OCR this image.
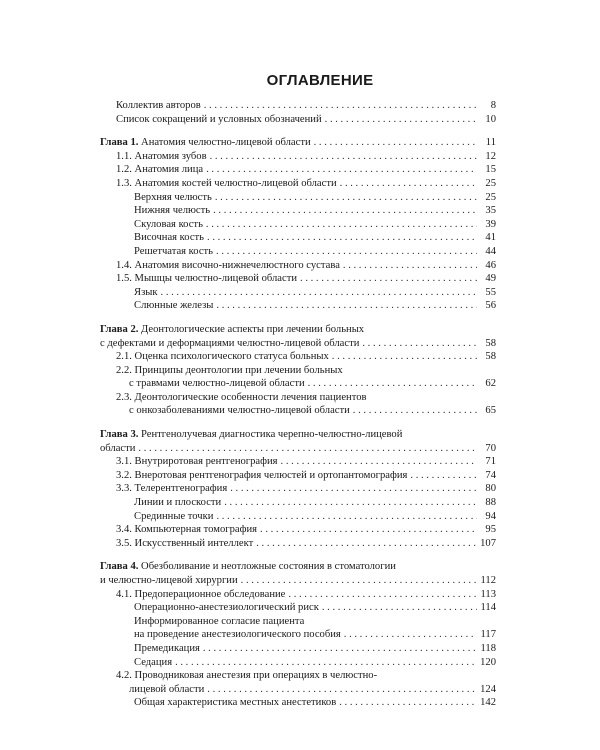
ОГЛАВЛЕНИЕ
Коллектив авторов . . .	8
Список сокращений и условных обозначений . . .	10
Глава 1. Анатомия челюстно-лицевой области . . .	11
1.1. Анатомия зубов . . .	12
1.2. Анатомия лица . . .	15
1.3. Анатомия костей челюстно-лицевой области . . .	25
Верхняя челюсть . . .	25
Нижняя челюсть . . .	35
Скуловая кость . . .	39
Височная кость . . .	41
Решетчатая кость . . .	44
1.4. Анатомия височно-нижнечелюстного сустава . . .	46
1.5. Мышцы челюстно-лицевой области . . .	49
Язык . . .	55
Слюнные железы . . .	56
Глава 2. Деонтологические аспекты при лечении больных
с дефектами и деформациями челюстно-лицевой области . . .	58
2.1. Оценка психологического статуса больных . . .	58
2.2. Принципы деонтологии при лечении больных
с травмами челюстно-лицевой области . . .	62
2.3. Деонтологические особенности лечения пациентов
с онкозаболеваниями челюстно-лицевой области . . .	65
Глава 3. Рентгенолучевая диагностика черепно-челюстно-лицевой
области . . .	70
3.1. Внутриротовая рентгенография . . .	71
3.2. Внеротовая рентгенография челюстей и ортопантомография . . .	74
3.3. Телерентгенография . . .	80
Линии и плоскости . . .	88
Срединные точки . . .	94
3.4. Компьютерная томография . . .	95
3.5. Искусственный интеллект . . .	107
Глава 4. Обезболивание и неотложные состояния в стоматологии
и челюстно-лицевой хирургии . . .	112
4.1. Предоперационное обследование . . .	113
Операционно-анестезиологический риск . . .	114
Информированное согласие пациента
на проведение анестезиологического пособия . . .	117
Премедикация . . .	118
Седация . . .	120
4.2. Проводниковая анестезия при операциях в челюстно-
лицевой области . . .	124
Общая характеристика местных анестетиков . . .	142
